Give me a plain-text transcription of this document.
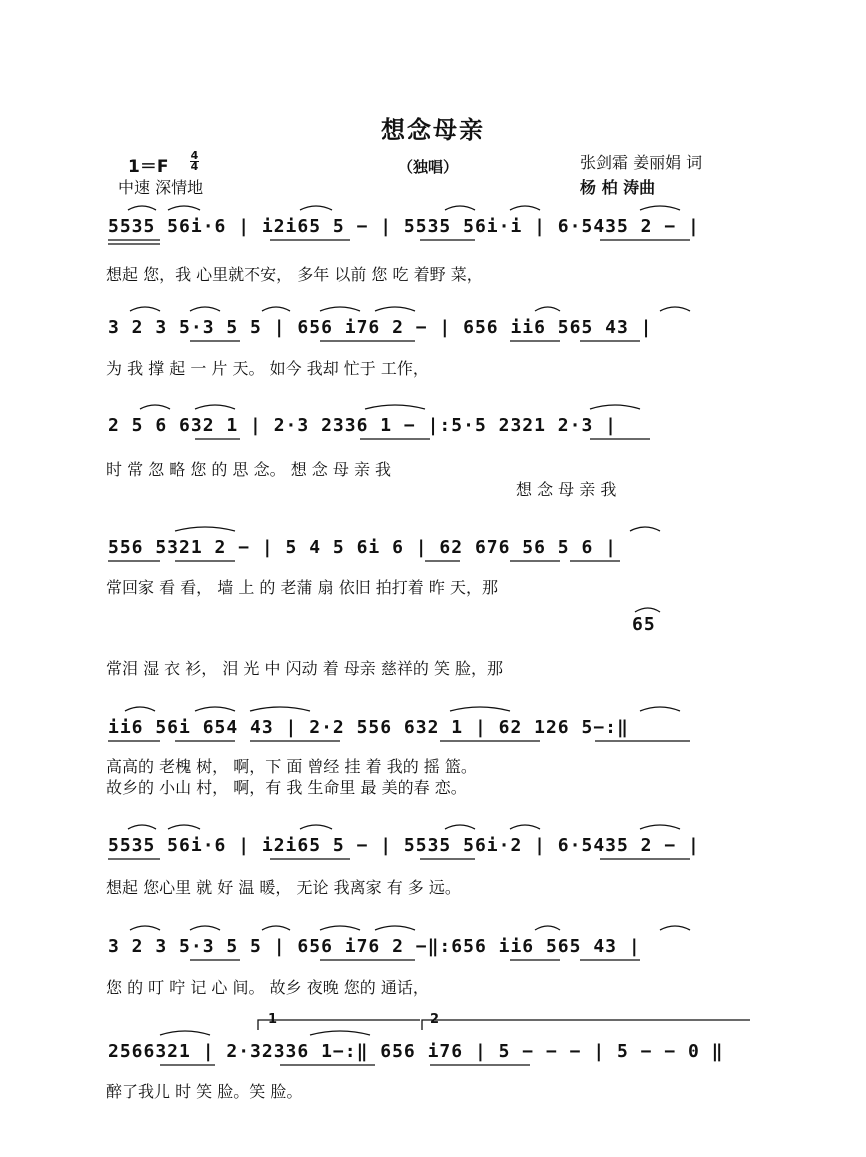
想念母亲
1＝F
4
4
中速 深情地
（独唱）	张剑霜 姜丽娟 词
杨 柏 涛曲
5535 56i·6 | i2i65 5 − | 5535 56i·i | 6·5435 2 − |
想起 您，我 心里就不安， 多年 以前 您 吃 着野 菜，
3 2 3 5·3 5 5 | 656 i76 2 − | 656 ii6 565 43 |
为 我 撑 起 一 片 天。 如今 我却 忙于 工作，
2 5 6 632 1 | 2·3 2336 1 − |:5·5 2321 2·3 |
时 常 忽 略 您 的 思 念。 想 念 母 亲 我
想 念 母 亲 我
556 5321 2 − | 5 4 5 6i 6 | 62 676 56 5 6 |
常回家 看 看， 墙 上 的 老蒲 扇 依旧 拍打着 昨 天，那
65
常泪 湿 衣 衫， 泪 光 中 闪动 着 母亲 慈祥的 笑 脸，那
ii6 56i 654 43 | 2·2 556 632 1 | 62 126 5−:‖
高高的 老槐 树， 啊，下 面 曾经 挂 着 我的 摇 篮。
故乡的 小山 村， 啊，有 我 生命里 最 美的春 恋。
5535 56i·6 | i2i65 5 − | 5535 56i·2 | 6·5435 2 − |
想起 您心里 就 好 温 暖， 无论 我离家 有 多 远。
3 2 3 5·3 5 5 | 656 i76 2 −‖:656 ii6 565 43 |
您 的 叮 咛 记 心 间。 故乡 夜晚 您的 通话，
1	2
2566321 | 2·32336 1−:‖ 656 i76 | 5 − − − | 5 − − 0 ‖
醉了我儿 时 笑 脸。笑 脸。
